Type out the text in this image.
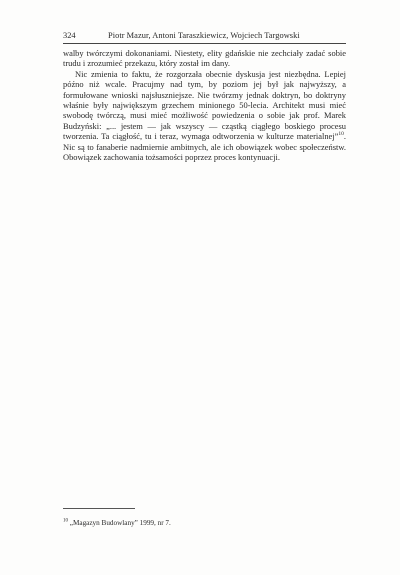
324	Piotr Mazur, Antoni Taraszkiewicz, Wojciech Targowski

walby twórczymi dokonaniami. Niestety, elity gdańskie nie zechciały zadać sobie trudu i zrozumieć przekazu, który został im dany.

Nic zmienia to faktu, że rozgorzała obecnie dyskusja jest niezbędna. Lepiej późno niż wcale. Pracujmy nad tym, by poziom jej był jak najwyższy, a formułowane wnioski najsłuszniejsze. Nie twórzmy jednak doktryn, bo doktryny właśnie były największym grzechem minionego 50-lecia. Architekt musi mieć swobodę twórczą, musi mieć możliwość powiedzenia o sobie jak prof. Marek Budzyński: „... jestem — jak wszyscy — cząstką ciągłego boskiego procesu tworzenia. Ta ciągłość, tu i teraz, wymaga odtworzenia w kulturze materialnej”$^{10}$. Nic są to fanaberie nadmiernie ambitnych, ale ich obowiązek wobec społeczeństw. Obowiązek zachowania tożsamości poprzez proces kontynuacji.

$^{10}$ „Magazyn Budowlany” 1999, nr 7.
